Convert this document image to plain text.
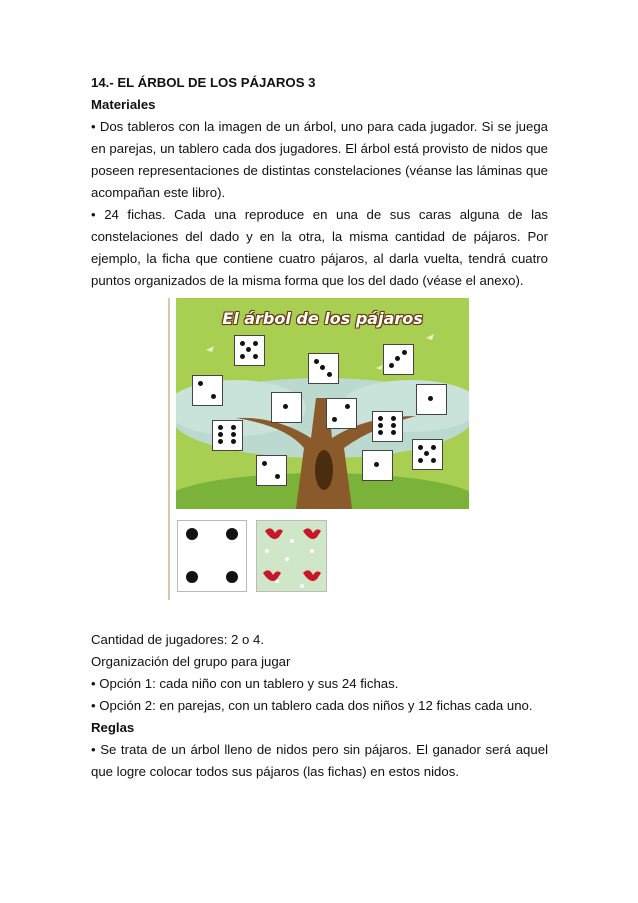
14.- EL ÁRBOL DE LOS PÁJAROS 3

Materiales

• Dos tableros con la imagen de un árbol, uno para cada jugador. Si se juega en parejas, un tablero cada dos jugadores. El árbol está provisto de nidos que poseen representaciones de distintas constelaciones (véanse las láminas que acompañan este libro).

• 24 fichas. Cada una reproduce en una de sus caras alguna de las constelaciones del dado y en la otra, la misma cantidad de pájaros. Por ejemplo, la ficha que contiene cuatro pájaros, al darla vuelta, tendrá cuatro puntos organizados de la misma forma que los del dado (véase el anexo).

El árbol de los pájaros

Cantidad de jugadores: 2 o 4.

Organización del grupo para jugar

• Opción 1: cada niño con un tablero y sus 24 fichas.

• Opción 2: en parejas, con un tablero cada dos niños y 12 fichas cada uno.

Reglas

• Se trata de un árbol lleno de nidos pero sin pájaros. El ganador será aquel que logre colocar todos sus pájaros (las fichas) en estos nidos.
